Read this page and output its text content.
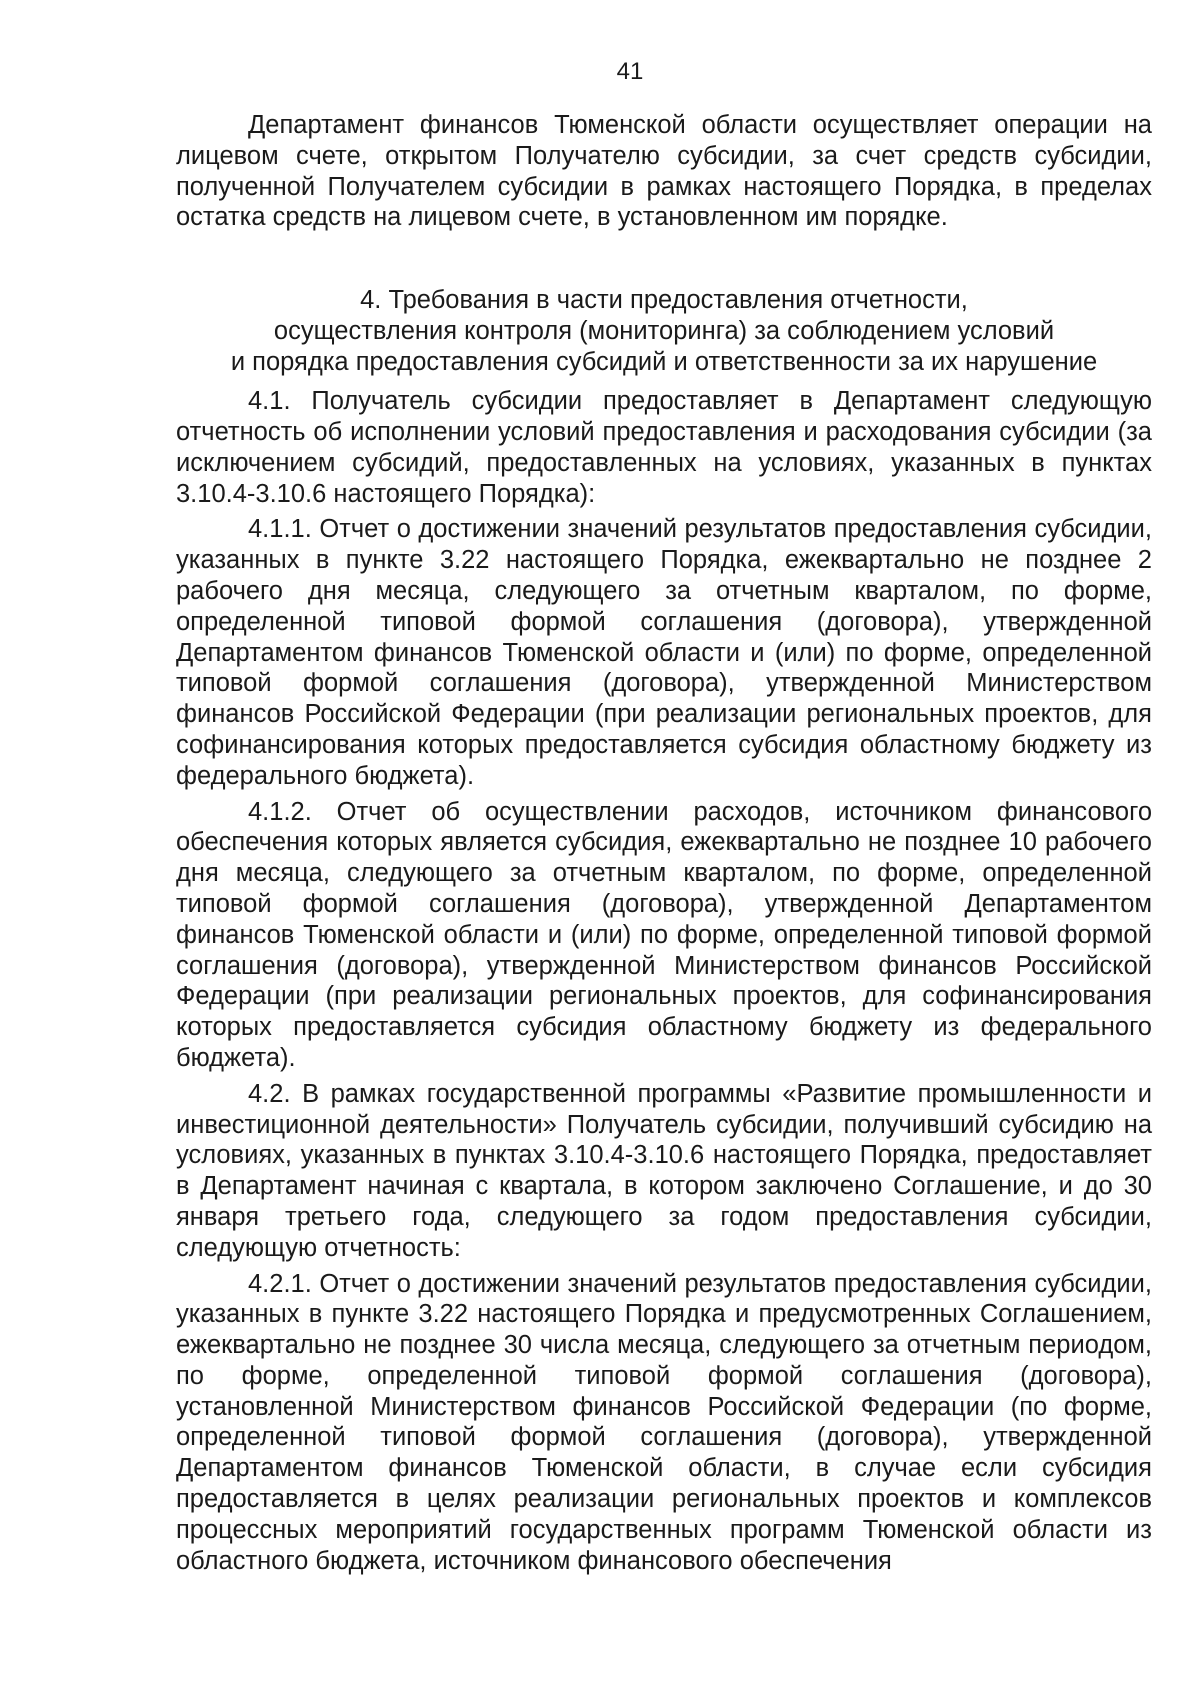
41

Департамент финансов Тюменской области осуществляет операции на лицевом счете, открытом Получателю субсидии, за счет средств субсидии, полученной Получателем субсидии в рамках настоящего Порядка, в пределах остатка средств на лицевом счете, в установленном им порядке.

4. Требования в части предоставления отчетности,
осуществления контроля (мониторинга) за соблюдением условий
и порядка предоставления субсидий и ответственности за их нарушение

4.1. Получатель субсидии предоставляет в Департамент следующую отчетность об исполнении условий предоставления и расходования субсидии (за исключением субсидий, предоставленных на условиях, указанных в пунктах 3.10.4-3.10.6 настоящего Порядка):

4.1.1. Отчет о достижении значений результатов предоставления субсидии, указанных в пункте 3.22 настоящего Порядка, ежеквартально не позднее 2 рабочего дня месяца, следующего за отчетным кварталом, по форме, определенной типовой формой соглашения (договора), утвержденной Департаментом финансов Тюменской области и (или) по форме, определенной типовой формой соглашения (договора), утвержденной Министерством финансов Российской Федерации (при реализации региональных проектов, для софинансирования которых предоставляется субсидия областному бюджету из федерального бюджета).

4.1.2. Отчет об осуществлении расходов, источником финансового обеспечения которых является субсидия, ежеквартально не позднее 10 рабочего дня месяца, следующего за отчетным кварталом, по форме, определенной типовой формой соглашения (договора), утвержденной Департаментом финансов Тюменской области и (или) по форме, определенной типовой формой соглашения (договора), утвержденной Министерством финансов Российской Федерации (при реализации региональных проектов, для софинансирования которых предоставляется субсидия областному бюджету из федерального бюджета).

4.2. В рамках государственной программы «Развитие промышленности и инвестиционной деятельности» Получатель субсидии, получивший субсидию на условиях, указанных в пунктах 3.10.4-3.10.6 настоящего Порядка, предоставляет в Департамент начиная с квартала, в котором заключено Соглашение, и до 30 января третьего года, следующего за годом предоставления субсидии, следующую отчетность:

4.2.1. Отчет о достижении значений результатов предоставления субсидии, указанных в пункте 3.22 настоящего Порядка и предусмотренных Соглашением, ежеквартально не позднее 30 числа месяца, следующего за отчетным периодом, по форме, определенной типовой формой соглашения (договора), установленной Министерством финансов Российской Федерации (по форме, определенной типовой формой соглашения (договора), утвержденной Департаментом финансов Тюменской области, в случае если субсидия предоставляется в целях реализации региональных проектов и комплексов процессных мероприятий государственных программ Тюменской области из областного бюджета, источником финансового обеспечения
